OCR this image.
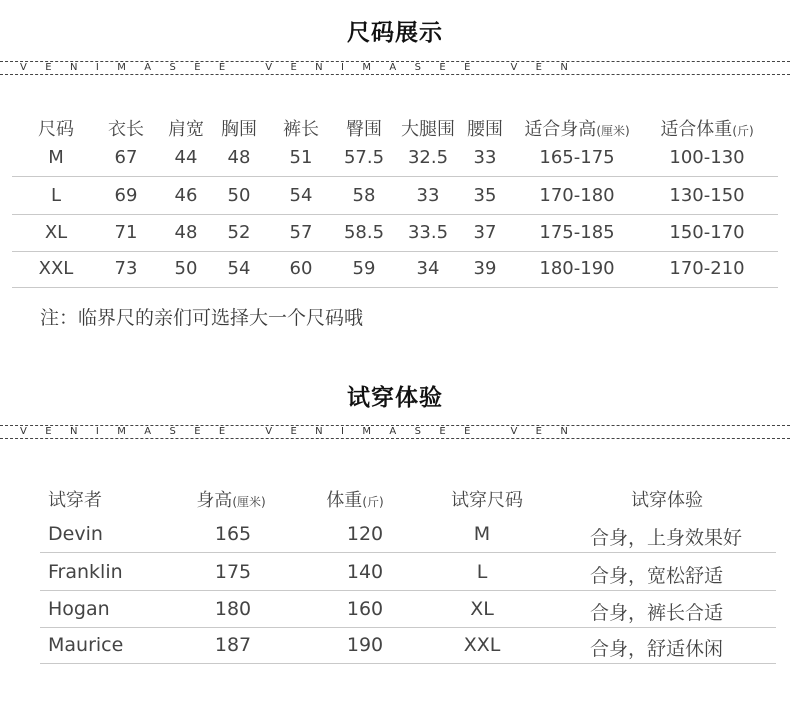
尺码展示
VENIMASEE VENIMASEE VEN
注：临界尺的亲们可选择大一个尺码哦
试穿体验
VENIMASEE VENIMASEE VEN
尺码 衣长 肩宽 胸围 裤长 臀围 大腿围 腰围 适合身高(厘米) 适合体重(斤)
M	67 44 48 51 57.5 32.5 33 165-175	100-130
L	69 46 50 54 58 33 35 170-180	130-150
XL	71 48 52 57 58.5 33.5 37 175-185	150-170
XXL 73 50 54 60 59 34 39 180-190	170-210
试穿者	身高(厘米)	体重(斤)	试穿尺码	试穿体验
Devin	165	120	M	合身，上身效果好
Franklin	175	140	L	合身，宽松舒适
Hogan	180	160	XL	合身，裤长合适
Maurice	187	190	XXL	合身，舒适休闲
